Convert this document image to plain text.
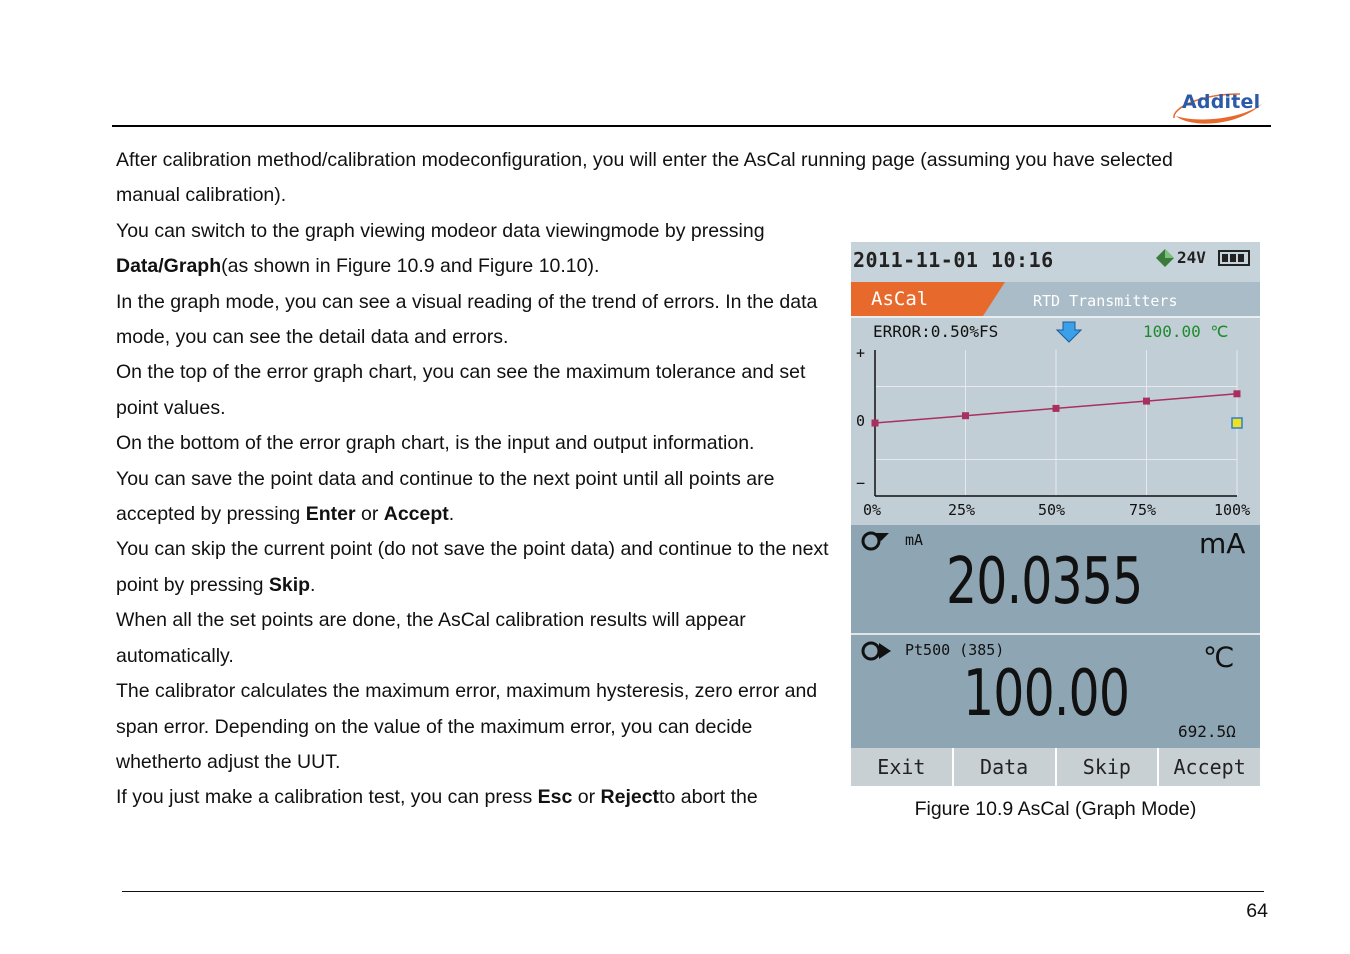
Additel

After calibration method/calibration modeconfiguration, you will enter the AsCal running page (assuming you have selected manual calibration).

You can switch to the graph viewing modeor data viewingmode by pressing Data/Graph(as shown in Figure 10.9 and Figure 10.10).

In the graph mode, you can see a visual reading of the trend of errors. In the data mode, you can see the detail data and errors.

On the top of the error graph chart, you can see the maximum tolerance and set point values.

On the bottom of the error graph chart, is the input and output information.

You can save the point data and continue to the next point until all points are accepted by pressing Enter or Accept.

You can skip the current point (do not save the point data) and continue to the next point by pressing Skip.

When all the set points are done, the AsCal calibration results will appear automatically.

The calibrator calculates the maximum error, maximum hysteresis, zero error and span error. Depending on the value of the maximum error, you can decide whetherto adjust the UUT.

If you just make a calibration test, you can press Esc or Rejectto abort the

2011-11-01 10:16	24V
AsCal	RTD Transmitters
ERROR:0.50%FS	100.00 ℃
+
0
−
0%	25%	50%	75%	100%
mA	mA
20.0355
Pt500 (385)	℃
100.00
692.5Ω
Exit	Data	Skip	Accept
Figure 10.9 AsCal (Graph Mode)
64
